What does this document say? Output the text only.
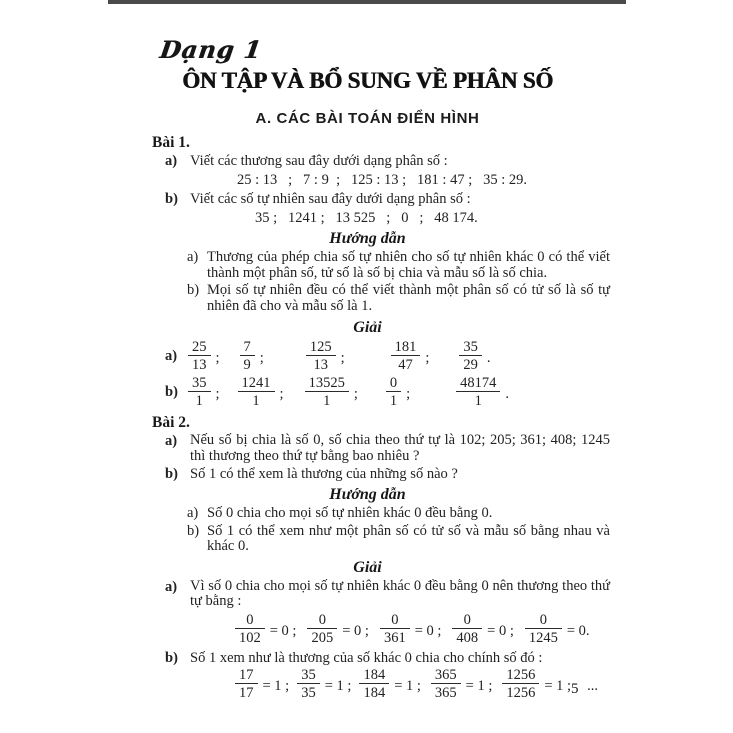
Dạng 1
ÔN TẬP VÀ BỔ SUNG VỀ PHÂN SỐ
A. CÁC BÀI TOÁN ĐIỂN HÌNH
Bài 1.
a) Viết các thương sau đây dưới dạng phân số :
25 : 13   ;   7 : 9  ;   125 : 13 ;   181 : 47 ;   35 : 29.
b) Viết các số tự nhiên sau đây dưới dạng phân số :
35 ;   1241 ;   13 525   ;   0   ;   48 174.
Hướng dẫn
a) Thương của phép chia số tự nhiên cho số tự nhiên khác 0 có thể viết thành một phân số, tử số là số bị chia và mẫu số là số chia.
b) Mọi số tự nhiên đều có thể viết thành một phân số có tử số là số tự nhiên đã cho và mẫu số là 1.
Giải
$a) \frac{25}{13}$ ; $\frac{7}{9}$ ;	$\frac{125}{13}$ ;	$\frac{181}{47}$ ; $\frac{35}{29}$ .
$b) \frac{35}{1}$ ; $\frac{1241}{1}$ ; $\frac{13525}{1}$ ; $\frac{0}{1}$ ;	$\frac{48174}{1}$ .
Bài 2.
a) Nếu số bị chia là số 0, số chia theo thứ tự là 102; 205; 361; 408; 1245 thì thương theo thứ tự bằng bao nhiêu ?
b) Số 1 có thể xem là thương của những số nào ?
Hướng dẫn
a) Số 0 chia cho mọi số tự nhiên khác 0 đều bằng 0.
b) Số 1 có thể xem như một phân số có tử số và mẫu số bằng nhau và khác 0.
Giải
a) Vì số 0 chia cho mọi số tự nhiên khác 0 đều bằng 0 nên thương theo thứ tự bằng :
$\frac{0}{102} = 0$ ; $\frac{0}{205} = 0$ ; $\frac{0}{361} = 0$ ; $\frac{0}{408} = 0$ ; $\frac{0}{1245} = 0$.
b) Số 1 xem như là thương của số khác 0 chia cho chính số đó :
$\frac{17}{17} = 1$ ; $\frac{35}{35} = 1$ ; $\frac{184}{184} = 1$ ; $\frac{365}{365} = 1$ ; $\frac{1256}{1256} = 1$ ; ...
5
